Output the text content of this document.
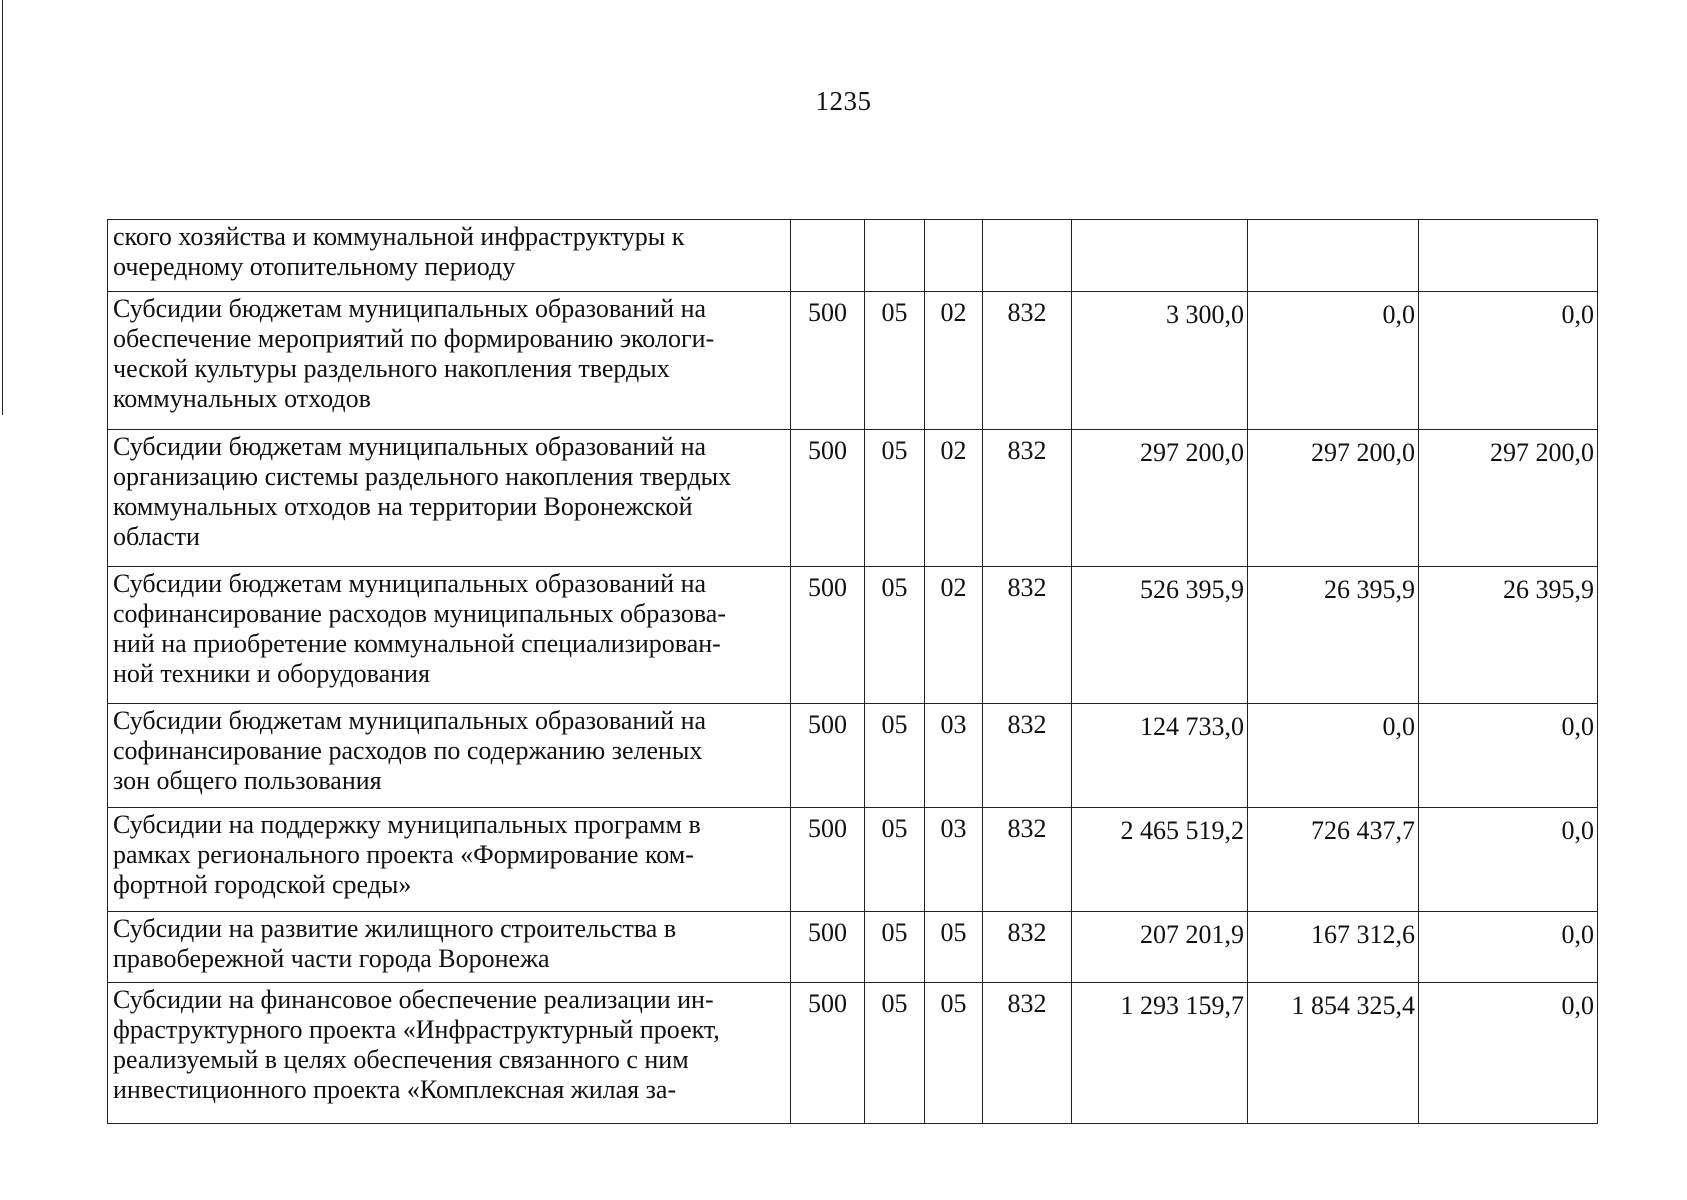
1235
ского хозяйства и коммунальной инфраструктуры к
очередному отопительному периоду							

Субсидии бюджетам муниципальных образований на
обеспечение мероприятий по формированию экологи-
ческой культуры раздельного накопления твердых
коммунальных отходов	500	05	02	832	3 300,0	0,0	0,0

Субсидии бюджетам муниципальных образований на
организацию системы раздельного накопления твердых
коммунальных отходов на территории Воронежской
области	500	05	02	832	297 200,0	297 200,0	297 200,0

Субсидии бюджетам муниципальных образований на
софинансирование расходов муниципальных образова-
ний на приобретение коммунальной специализирован-
ной техники и оборудования	500	05	02	832	526 395,9	26 395,9	26 395,9

Субсидии бюджетам муниципальных образований на
софинансирование расходов по содержанию зеленых
зон общего пользования	500	05	03	832	124 733,0	0,0	0,0

Субсидии на поддержку муниципальных программ в
рамках регионального проекта «Формирование ком-
фортной городской среды»	500	05	03	832	2 465 519,2	726 437,7	0,0

Субсидии на развитие жилищного строительства в
правобережной части города Воронежа	500	05	05	832	207 201,9	167 312,6	0,0

Субсидии на финансовое обеспечение реализации ин-
фраструктурного проекта «Инфраструктурный проект,
реализуемый в целях обеспечения связанного с ним
инвестиционного проекта «Комплексная жилая за-	500	05	05	832	1 293 159,7	1 854 325,4	0,0
